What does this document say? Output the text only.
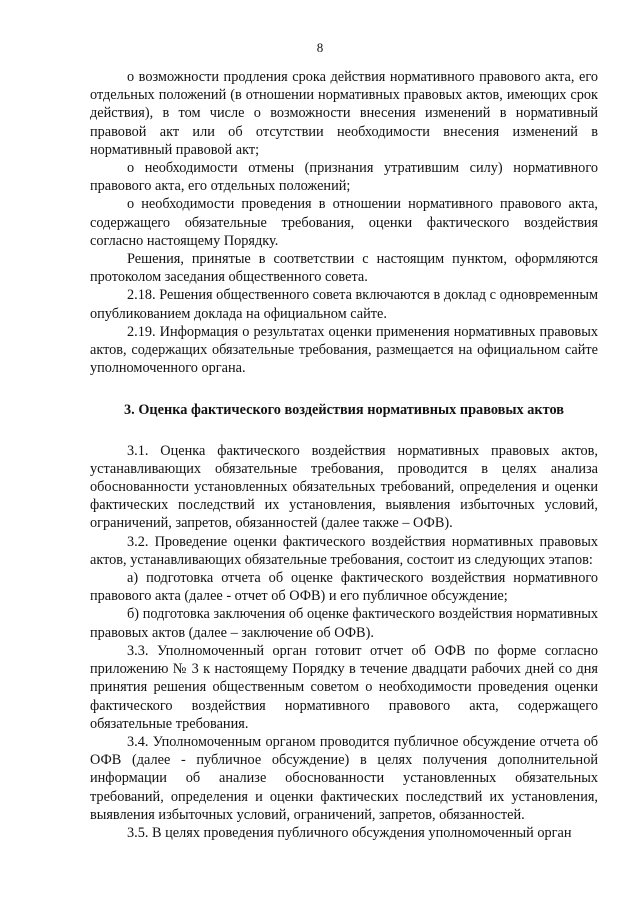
8

о возможности продления срока действия нормативного правового акта, его отдельных положений (в отношении нормативных правовых актов, имеющих срок действия), в том числе о возможности внесения изменений в нормативный правовой акт или об отсутствии необходимости внесения изменений в нормативный правовой акт;

о необходимости отмены (признания утратившим силу) нормативного правового акта, его отдельных положений;

о необходимости проведения в отношении нормативного правового акта, содержащего обязательные требования, оценки фактического воздействия согласно настоящему Порядку.

Решения, принятые в соответствии с настоящим пунктом, оформляются протоколом заседания общественного совета.

2.18. Решения общественного совета включаются в доклад с одновременным опубликованием доклада на официальном сайте.

2.19. Информация о результатах оценки применения нормативных правовых актов, содержащих обязательные требования, размещается на официальном сайте уполномоченного органа.

3. Оценка фактического воздействия нормативных правовых актов

3.1. Оценка фактического воздействия нормативных правовых актов, устанавливающих обязательные требования, проводится в целях анализа обоснованности установленных обязательных требований, определения и оценки фактических последствий их установления, выявления избыточных условий, ограничений, запретов, обязанностей (далее также – ОФВ).

3.2. Проведение оценки фактического воздействия нормативных правовых актов, устанавливающих обязательные требования, состоит из следующих этапов:

а) подготовка отчета об оценке фактического воздействия нормативного правового акта (далее - отчет об ОФВ) и его публичное обсуждение;

б) подготовка заключения об оценке фактического воздействия нормативных правовых актов (далее – заключение об ОФВ).

3.3. Уполномоченный орган готовит отчет об ОФВ по форме согласно приложению № 3 к настоящему Порядку в течение двадцати рабочих дней со дня принятия решения общественным советом о необходимости проведения оценки фактического воздействия нормативного правового акта, содержащего обязательные требования.

3.4. Уполномоченным органом проводится публичное обсуждение отчета об ОФВ (далее - публичное обсуждение) в целях получения дополнительной информации об анализе обоснованности установленных обязательных требований, определения и оценки фактических последствий их установления, выявления избыточных условий, ограничений, запретов, обязанностей.

3.5. В целях проведения публичного обсуждения уполномоченный орган
